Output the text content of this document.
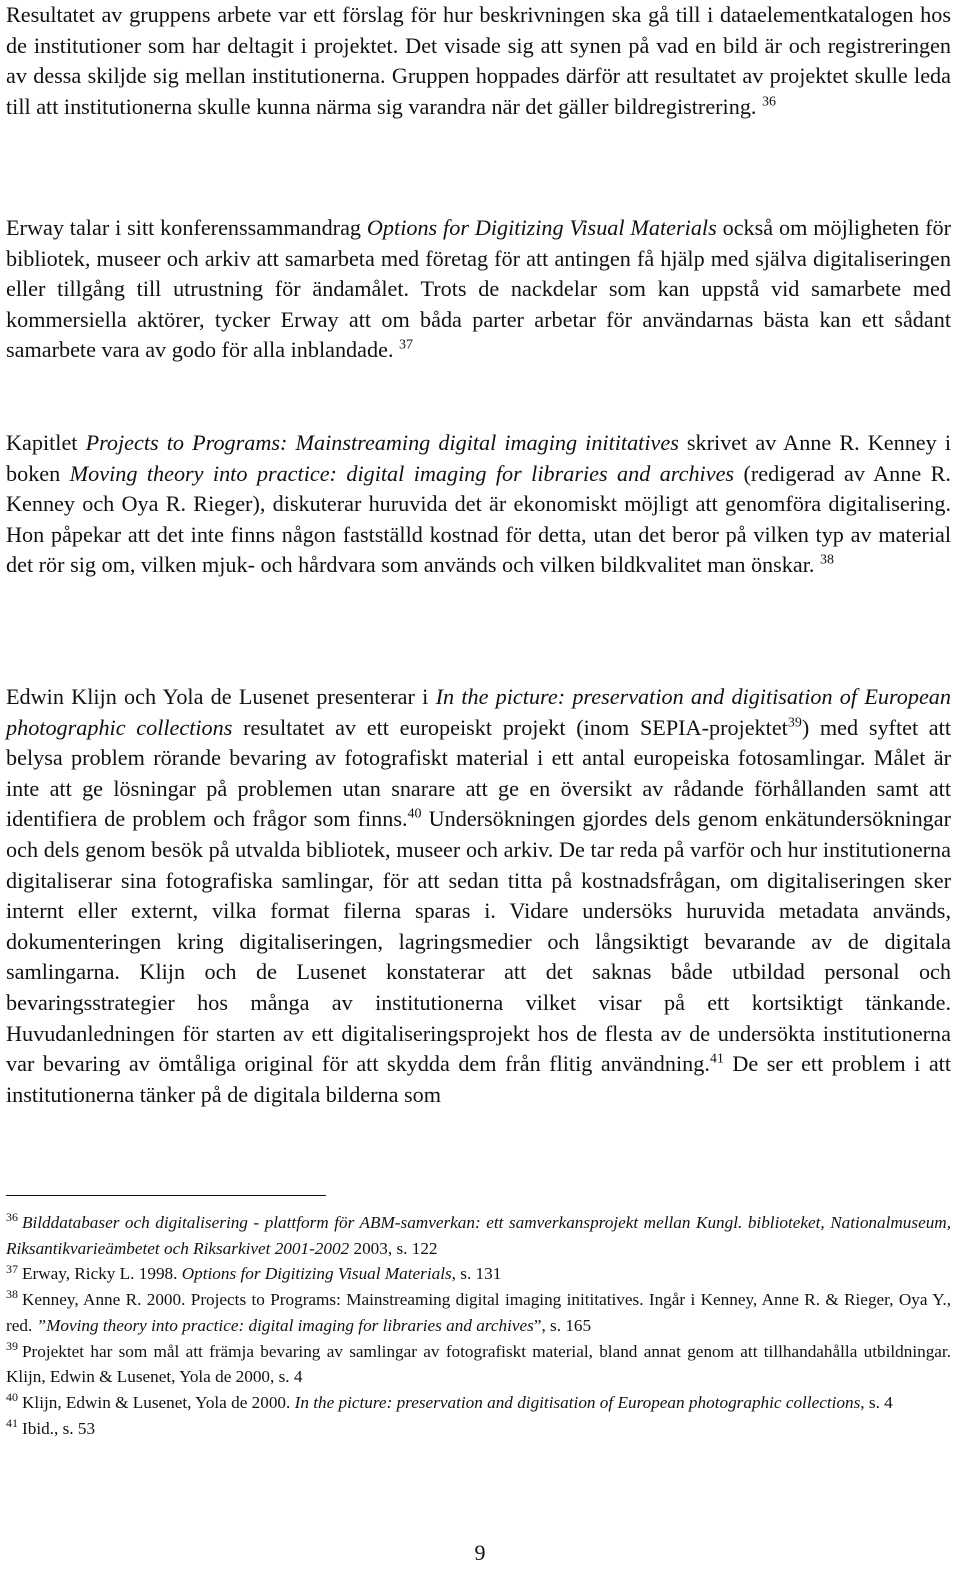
Resultatet av gruppens arbete var ett förslag för hur beskrivningen ska gå till i dataelementkatalogen hos de institutioner som har deltagit i projektet. Det visade sig att synen på vad en bild är och registreringen av dessa skiljde sig mellan institutionerna. Gruppen hoppades därför att resultatet av projektet skulle leda till att institutionerna skulle kunna närma sig varandra när det gäller bildregistrering. $^{36}$

Erway talar i sitt konferenssammandrag Options for Digitizing Visual Materials också om möjligheten för bibliotek, museer och arkiv att samarbeta med företag för att antingen få hjälp med själva digitaliseringen eller tillgång till utrustning för ändamålet. Trots de nackdelar som kan uppstå vid samarbete med kommersiella aktörer, tycker Erway att om båda parter arbetar för användarnas bästa kan ett sådant samarbete vara av godo för alla inblandade. $^{37}$

Kapitlet Projects to Programs: Mainstreaming digital imaging inititatives skrivet av Anne R. Kenney i boken Moving theory into practice: digital imaging for libraries and archives (redigerad av Anne R. Kenney och Oya R. Rieger), diskuterar huruvida det är ekonomiskt möjligt att genomföra digitalisering. Hon påpekar att det inte finns någon fastställd kostnad för detta, utan det beror på vilken typ av material det rör sig om, vilken mjuk- och hårdvara som används och vilken bildkvalitet man önskar. $^{38}$

Edwin Klijn och Yola de Lusenet presenterar i In the picture: preservation and digitisation of European photographic collections resultatet av ett europeiskt projekt (inom SEPIA-projektet$^{39}$) med syftet att belysa problem rörande bevaring av fotografiskt material i ett antal europeiska fotosamlingar. Målet är inte att ge lösningar på problemen utan snarare att ge en översikt av rådande förhållanden samt att identifiera de problem och frågor som finns.$^{40}$ Undersökningen gjordes dels genom enkätundersökningar och dels genom besök på utvalda bibliotek, museer och arkiv. De tar reda på varför och hur institutionerna digitaliserar sina fotografiska samlingar, för att sedan titta på kostnadsfrågan, om digitaliseringen sker internt eller externt, vilka format filerna sparas i. Vidare undersöks huruvida metadata används, dokumenteringen kring digitaliseringen, lagringsmedier och långsiktigt bevarande av de digitala samlingarna. Klijn och de Lusenet konstaterar att det saknas både utbildad personal och bevaringsstrategier hos många av institutionerna vilket visar på ett kortsiktigt tänkande. Huvudanledningen för starten av ett digitaliseringsprojekt hos de flesta av de undersökta institutionerna var bevaring av ömtåliga original för att skydda dem från flitig användning.$^{41}$ De ser ett problem i att institutionerna tänker på de digitala bilderna som

$^{36}$ Bilddatabaser och digitalisering - plattform för ABM-samverkan: ett samverkansprojekt mellan Kungl. biblioteket, Nationalmuseum, Riksantikvarieämbetet och Riksarkivet 2001-2002 2003, s. 122

$^{37}$ Erway, Ricky L. 1998. Options for Digitizing Visual Materials, s. 131

$^{38}$ Kenney, Anne R. 2000. Projects to Programs: Mainstreaming digital imaging inititatives. Ingår i Kenney, Anne R. & Rieger, Oya Y., red. ”Moving theory into practice: digital imaging for libraries and archives”, s. 165

$^{39}$ Projektet har som mål att främja bevaring av samlingar av fotografiskt material, bland annat genom att tillhandahålla utbildningar. Klijn, Edwin & Lusenet, Yola de 2000, s. 4

$^{40}$ Klijn, Edwin & Lusenet, Yola de 2000. In the picture: preservation and digitisation of European photographic collections, s. 4

$^{41}$ Ibid., s. 53

9
